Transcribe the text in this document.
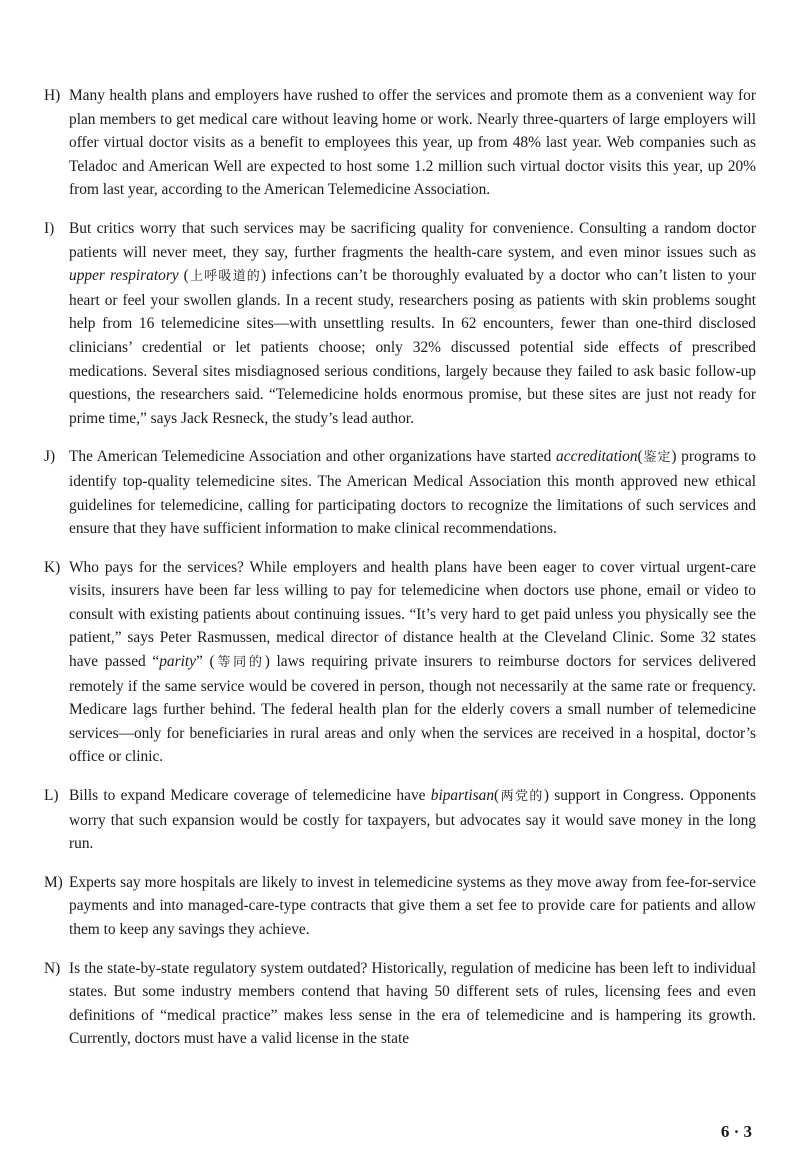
H) Many health plans and employers have rushed to offer the services and promote them as a convenient way for plan members to get medical care without leaving home or work. Nearly three-quarters of large employers will offer virtual doctor visits as a benefit to employees this year, up from 48% last year. Web companies such as Teladoc and American Well are expected to host some 1.2 million such virtual doctor visits this year, up 20% from last year, according to the American Telemedicine Association.

I) But critics worry that such services may be sacrificing quality for convenience. Consulting a random doctor patients will never meet, they say, further fragments the health-care system, and even minor issues such as upper respiratory (上呼吸道的) infections can’t be thoroughly evaluated by a doctor who can’t listen to your heart or feel your swollen glands. In a recent study, researchers posing as patients with skin problems sought help from 16 telemedicine sites—with unsettling results. In 62 encounters, fewer than one-third disclosed clinicians’ credential or let patients choose; only 32% discussed potential side effects of prescribed medications. Several sites misdiagnosed serious conditions, largely because they failed to ask basic follow-up questions, the researchers said. “Telemedicine holds enormous promise, but these sites are just not ready for prime time,” says Jack Resneck, the study’s lead author.

J) The American Telemedicine Association and other organizations have started accreditation(鉴定) programs to identify top-quality telemedicine sites. The American Medical Association this month approved new ethical guidelines for telemedicine, calling for participating doctors to recognize the limitations of such services and ensure that they have sufficient information to make clinical recommendations.

K) Who pays for the services? While employers and health plans have been eager to cover virtual urgent-care visits, insurers have been far less willing to pay for telemedicine when doctors use phone, email or video to consult with existing patients about continuing issues. “It’s very hard to get paid unless you physically see the patient,” says Peter Rasmussen, medical director of distance health at the Cleveland Clinic. Some 32 states have passed “parity” (等同的) laws requiring private insurers to reimburse doctors for services delivered remotely if the same service would be covered in person, though not necessarily at the same rate or frequency. Medicare lags further behind. The federal health plan for the elderly covers a small number of telemedicine services—only for beneficiaries in rural areas and only when the services are received in a hospital, doctor’s office or clinic.

L) Bills to expand Medicare coverage of telemedicine have bipartisan(两党的) support in Congress. Opponents worry that such expansion would be costly for taxpayers, but advocates say it would save money in the long run.

M) Experts say more hospitals are likely to invest in telemedicine systems as they move away from fee-for-service payments and into managed-care-type contracts that give them a set fee to provide care for patients and allow them to keep any savings they achieve.

N) Is the state-by-state regulatory system outdated? Historically, regulation of medicine has been left to individual states. But some industry members contend that having 50 different sets of rules, licensing fees and even definitions of “medical practice” makes less sense in the era of telemedicine and is hampering its growth. Currently, doctors must have a valid license in the state

6 · 3
